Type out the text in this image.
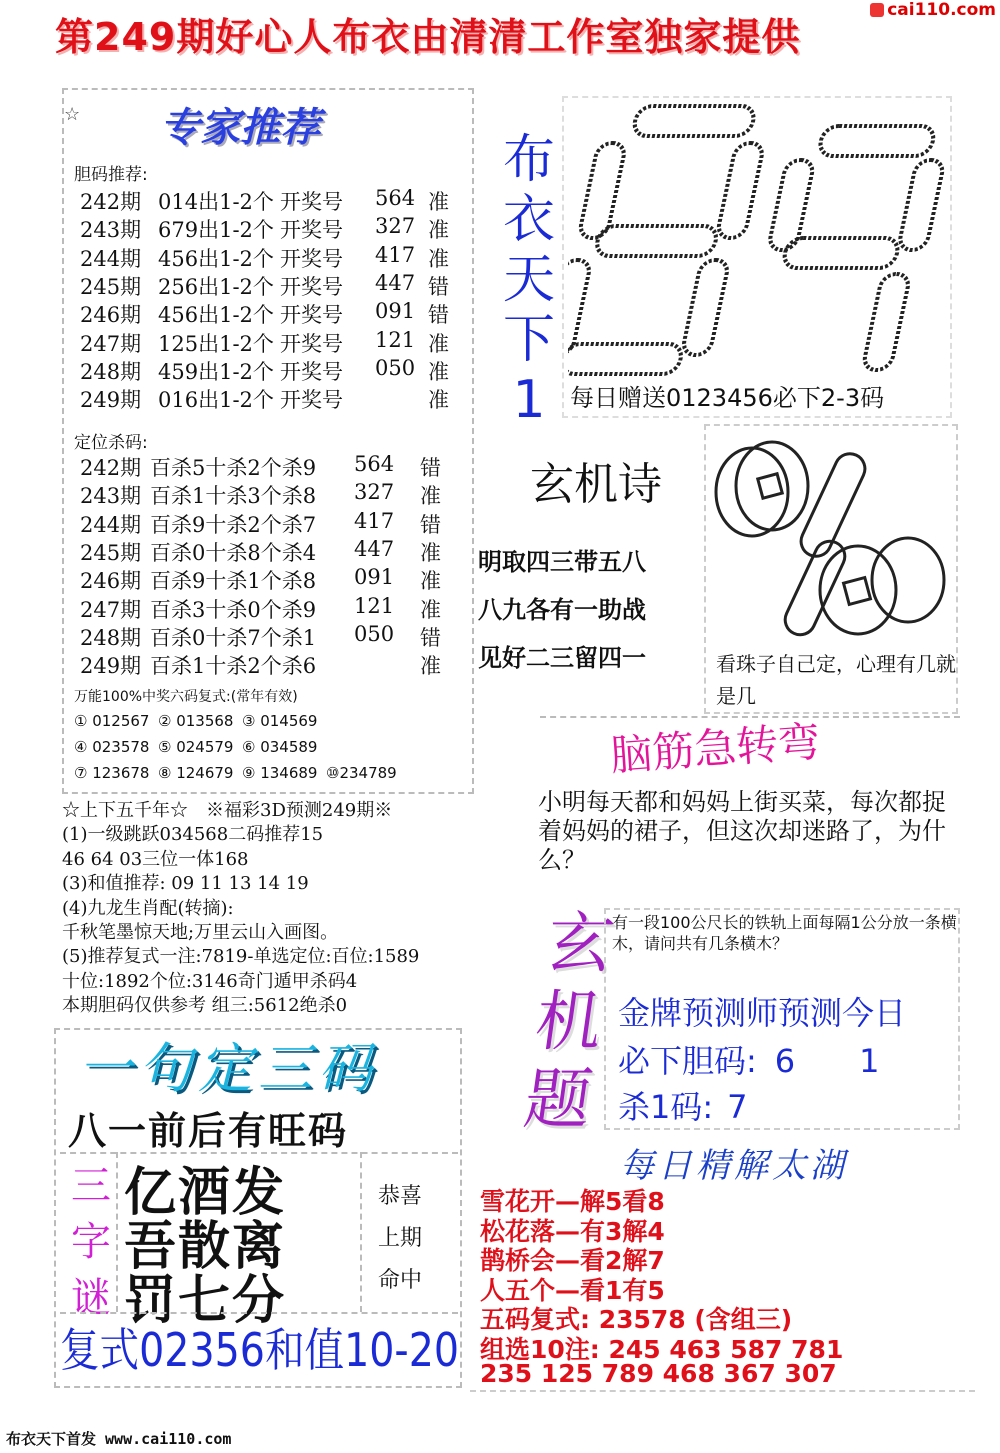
第249期好心人布衣由清清工作室独家提供
cai110.com
☆ 专家推荐
胆码推荐:
242期 014出1-2个 开奖号 564 准
243期 679出1-2个 开奖号 327 准
244期 456出1-2个 开奖号 417 准
245期 256出1-2个 开奖号 447 错
246期 456出1-2个 开奖号 091 错
247期 125出1-2个 开奖号 121 准
248期 459出1-2个 开奖号 050 准
249期 016出1-2个 开奖号	准
定位杀码:
242期 百杀5十杀2个杀9 564 错
243期 百杀1十杀3个杀8 327 准
244期 百杀9十杀2个杀7 417 错
245期 百杀0十杀8个杀4 447 准
246期 百杀9十杀1个杀8 091 准
247期 百杀3十杀0个杀9 121 准
248期 百杀0十杀7个杀1 050 错
249期 百杀1十杀2个杀6	准
万能100%中奖六码复式:(常年有效)
① 012567 ② 013568 ③ 014569
④ 023578 ⑤ 024579 ⑥ 034589
⑦ 123678 ⑧ 124679 ⑨ 134689 ⑩234789
☆上下五千年☆　※福彩3D预测249期※
(1)一级跳跃034568二码推荐15
46 64 03三位一体168
(3)和值推荐: 09 11 13 14 19
(4)九龙生肖配(转摘):
千秋笔墨惊天地;万里云山入画图。
(5)推荐复式一注:7819-单选定位:百位:1589
十位:1892个位:3146奇门遁甲杀码4
本期胆码仅供参考 组三:5612绝杀0
布
衣
天
下
1	每日赠送0123456必下2-3码
玄机诗
明取四三带五八
八九各有一助战
见好二三留四一	看珠子自己定，心理有几就是几
脑筋急转弯
小明每天都和妈妈上街买菜，每次都捉着妈妈的裙子，但这次却迷路了，为什么？
玄
机
题
有一段100公尺长的铁轨上面每隔1公分放一条横木，请问共有几条横木？
金牌预测师预测今日
必下胆码: 6　　1
杀1码: 7
一句定三码
八一前后有旺码
三
字
谜
亿酒发
吾散离
罚七分
恭喜
上期
命中
复式02356和值10-20
每日精解太湖
雪花开—解5看8
松花落—有3解4
鹊桥会—看2解7
人五个—看1有5
五码复式: 23578 (含组三)
组选10注: 245 463 587 781
235 125 789 468 367 307
布衣天下首发 www.cai110.com
